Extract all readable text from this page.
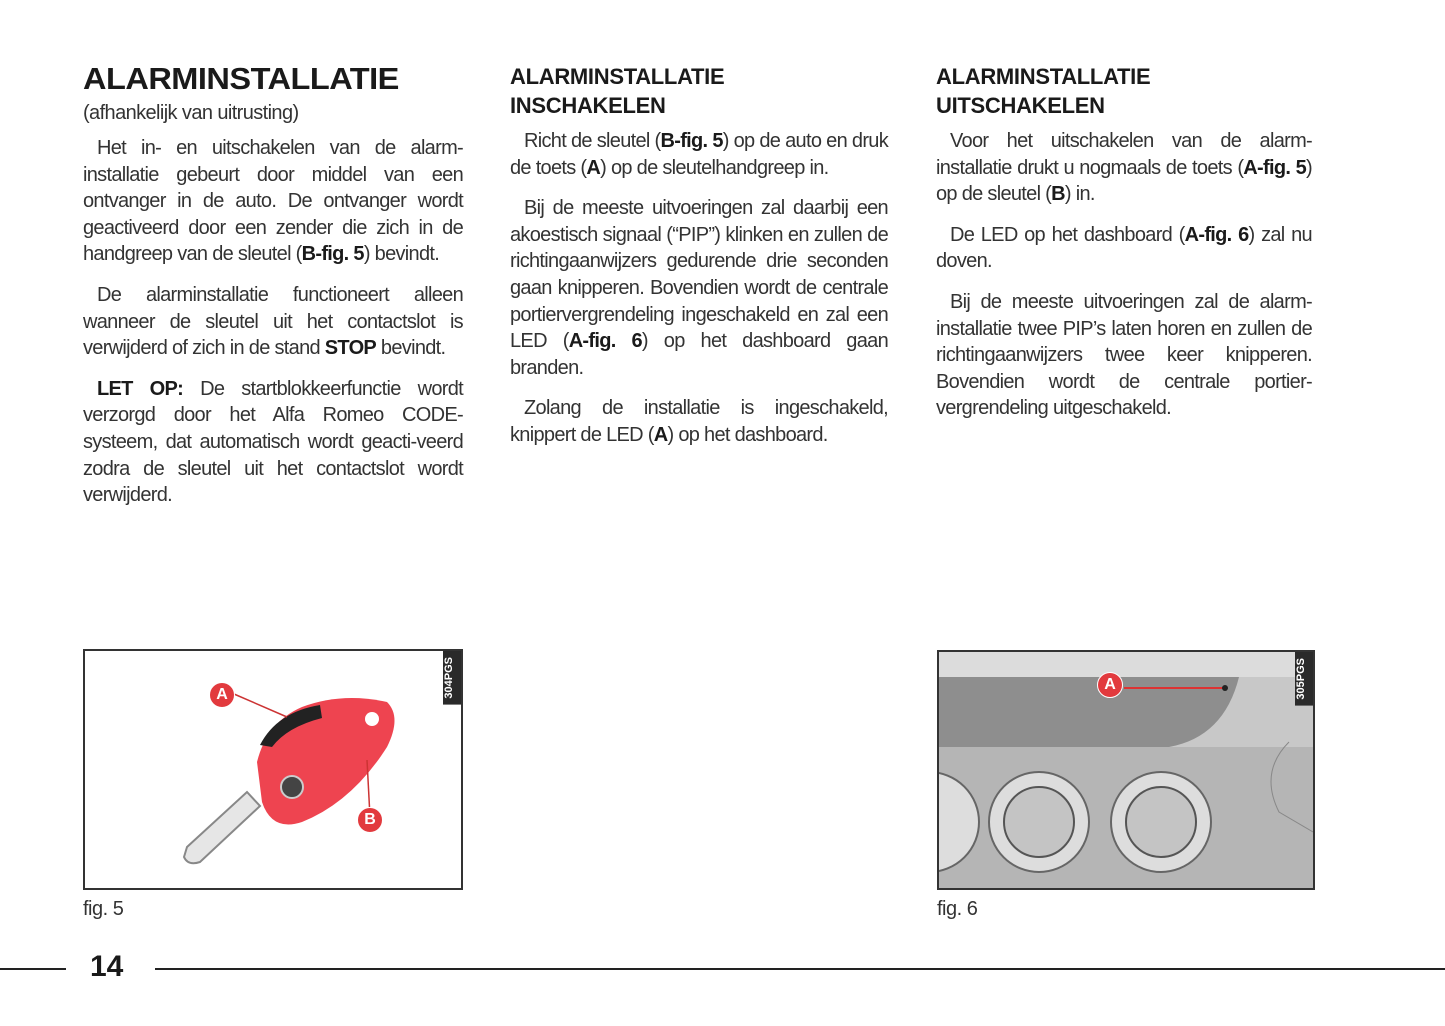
ALARMINSTALLATIE
(afhankelijk van uitrusting)

Het in- en uitschakelen van de alarm-installatie gebeurt door middel van een ontvanger in de auto. De ontvanger wordt geactiveerd door een zender die zich in de handgreep van de sleutel (B-fig. 5) bevindt.

De alarminstallatie functioneert alleen wanneer de sleutel uit het contactslot is verwijderd of zich in de stand STOP bevindt.

LET OP: De startblokkeerfunctie wordt verzorgd door het Alfa Romeo CODE-systeem, dat automatisch wordt geacti-veerd zodra de sleutel uit het contactslot wordt verwijderd.

ALARMINSTALLATIE
INSCHAKELEN

Richt de sleutel (B-fig. 5) op de auto en druk de toets (A) op de sleutelhandgreep in.

Bij de meeste uitvoeringen zal daarbij een akoestisch signaal (“PIP”) klinken en zullen de richtingaanwijzers gedurende drie seconden gaan knipperen. Bovendien wordt de centrale portiervergrendeling ingeschakeld en zal een LED (A-fig. 6) op het dashboard gaan branden.

Zolang de installatie is ingeschakeld, knippert de LED (A) op het dashboard.

ALARMINSTALLATIE
UITSCHAKELEN

Voor het uitschakelen van de alarm-installatie drukt u nogmaals de toets (A-fig. 5) op de sleutel (B) in.

De LED op het dashboard (A-fig. 6) zal nu doven.

Bij de meeste uitvoeringen zal de alarm-installatie twee PIP’s laten horen en zullen de richtingaanwijzers twee keer knipperen. Bovendien wordt de centrale portier-vergrendeling uitgeschakeld.

A
B
304PGS
fig. 5
A	305PGS
fig. 6
14
